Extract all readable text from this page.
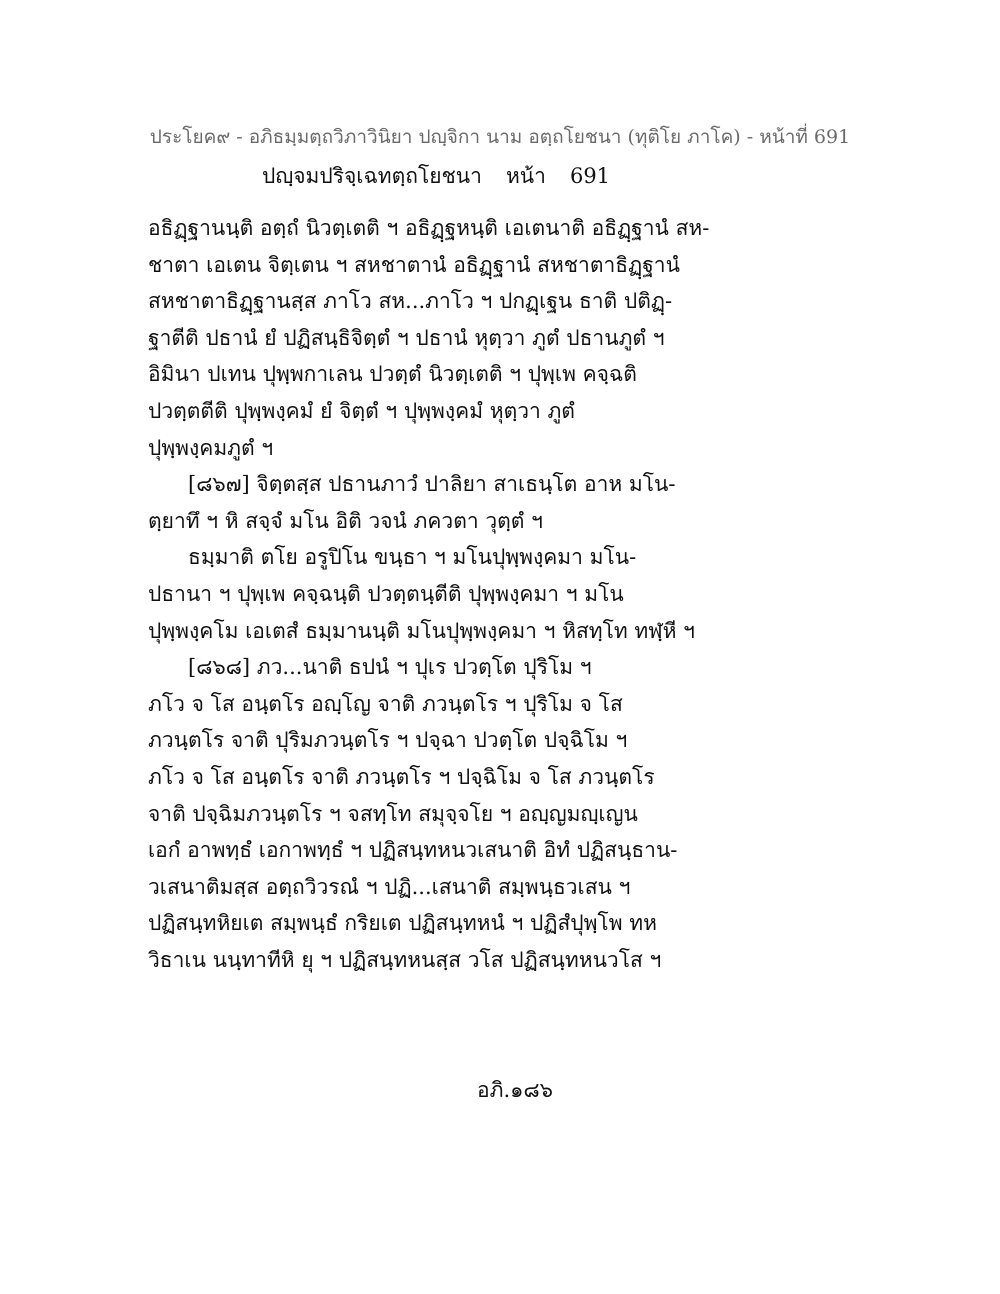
ประโยค๙ - อภิธมฺมตฺถวิภาวินิยา ปญฺจิกา นาม อตฺถโยชนา (ทุติโย ภาโค) - หน้าที่ 691
ปญฺจมปริจฺเฉทตฺถโยชนา หน้า 691
อธิฏฺฐานนฺติ อตฺถํ นิวตฺเตติ ฯ อธิฏฺฐหนฺติ เอเตนาติ อธิฏฺฐานํ สห-
ชาตา เอเตน จิตฺเตน ฯ สหชาตานํ อธิฏฺฐานํ สหชาตาธิฏฺฐานํ
สหชาตาธิฏฺฐานสฺส ภาโว สห...ภาโว ฯ ปกฏฺเฐน ธาติ ปติฏฺ-
ฐาตีติ ปธานํ ยํ ปฏิสนฺธิจิตฺตํ ฯ ปธานํ หุตฺวา ภูตํ ปธานภูตํ ฯ
อิมินา ปเทน ปุพฺพกาเลน ปวตฺตํ นิวตฺเตติ ฯ ปุพฺเพ คจฺฉติ
ปวตฺตตีติ ปุพฺพงฺคมํ ยํ จิตฺตํ ฯ ปุพฺพงฺคมํ หุตฺวา ภูตํ
ปุพฺพงฺคมภูตํ ฯ
[๘๖๗] จิตฺตสฺส ปธานภาวํ ปาลิยา สาเธนฺโต อาห มโน-
ตฺยาทึ ฯ หิ สจฺจํ มโน อิติ วจนํ ภควตา วุตฺตํ ฯ
ธมฺมาติ ตโย อรูปิโน ขนฺธา ฯ มโนปุพฺพงฺคมา มโน-
ปธานา ฯ ปุพฺเพ คจฺฉนฺติ ปวตฺตนฺตีติ ปุพฺพงฺคมา ฯ มโน
ปุพฺพงฺคโม เอเตสํ ธมฺมานนฺติ มโนปุพฺพงฺคมา ฯ หิสทฺโท ทฬฺหี ฯ
[๘๖๘] ภว...นาติ ธปนํ ฯ ปุเร ปวตฺโต ปุริโม ฯ
ภโว จ โส อนฺตโร อญฺโญ จาติ ภวนฺตโร ฯ ปุริโม จ โส
ภวนฺตโร จาติ ปุริมภวนฺตโร ฯ ปจฺฉา ปวตฺโต ปจฺฉิโม ฯ
ภโว จ โส อนฺตโร จาติ ภวนฺตโร ฯ ปจฺฉิโม จ โส ภวนฺตโร
จาติ ปจฺฉิมภวนฺตโร ฯ จสทฺโท สมุจฺจโย ฯ อญฺญมญฺเญน
เอกํ อาพทฺธํ เอกาพทฺธํ ฯ ปฏิสนฺทหนวเสนาติ อิทํ ปฏิสนฺธาน-
วเสนาติมสฺส อตฺถวิวรณํ ฯ ปฏิ...เสนาติ สมฺพนฺธวเสน ฯ
ปฏิสนฺทหิยเต สมฺพนฺธํ กริยเต ปฏิสนฺทหนํ ฯ ปฏิสํปุพฺโพ ทห
วิธาเน นนฺทาทีหิ ยุ ฯ ปฏิสนฺทหนสฺส วโส ปฏิสนฺทหนวโส ฯ
อภิ.๑๘๖
